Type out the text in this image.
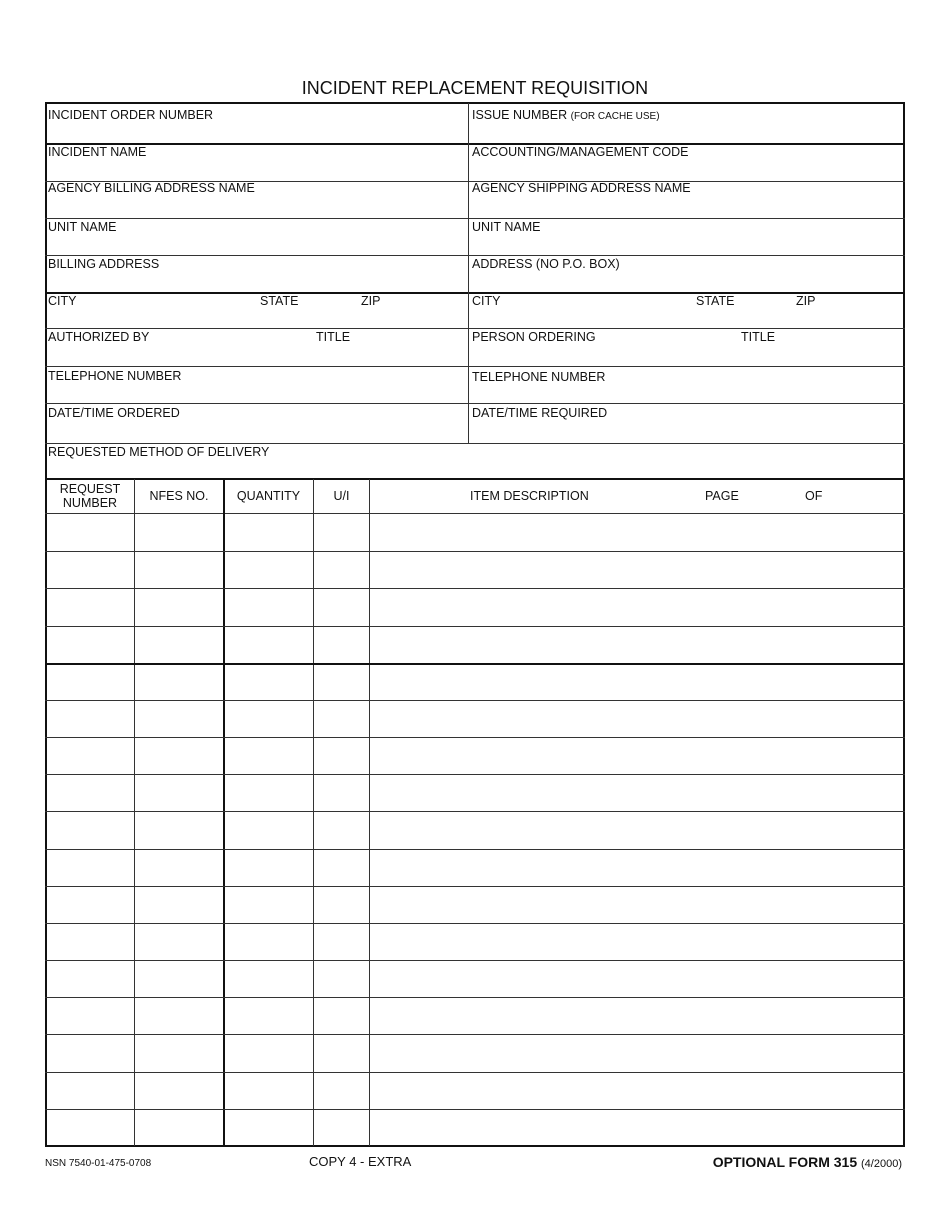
INCIDENT REPLACEMENT REQUISITION
INCIDENT ORDER NUMBER	ISSUE NUMBER (FOR CACHE USE)
INCIDENT NAME	ACCOUNTING/MANAGEMENT CODE
AGENCY BILLING ADDRESS NAME	AGENCY SHIPPING ADDRESS NAME
UNIT NAME	UNIT NAME
BILLING ADDRESS	ADDRESS (NO P.O. BOX)
CITY	STATE	ZIP	CITY	STATE	ZIP
AUTHORIZED BY	TITLE	PERSON ORDERING	TITLE
TELEPHONE NUMBER	TELEPHONE NUMBER
DATE/TIME ORDERED	DATE/TIME REQUIRED
REQUESTED METHOD OF DELIVERY
REQUEST
NUMBER	NFES NO.	QUANTITY	U/I	ITEM DESCRIPTION	PAGE	OF
NSN 7540-01-475-0708	COPY 4 - EXTRA	OPTIONAL FORM 315 (4/2000)
